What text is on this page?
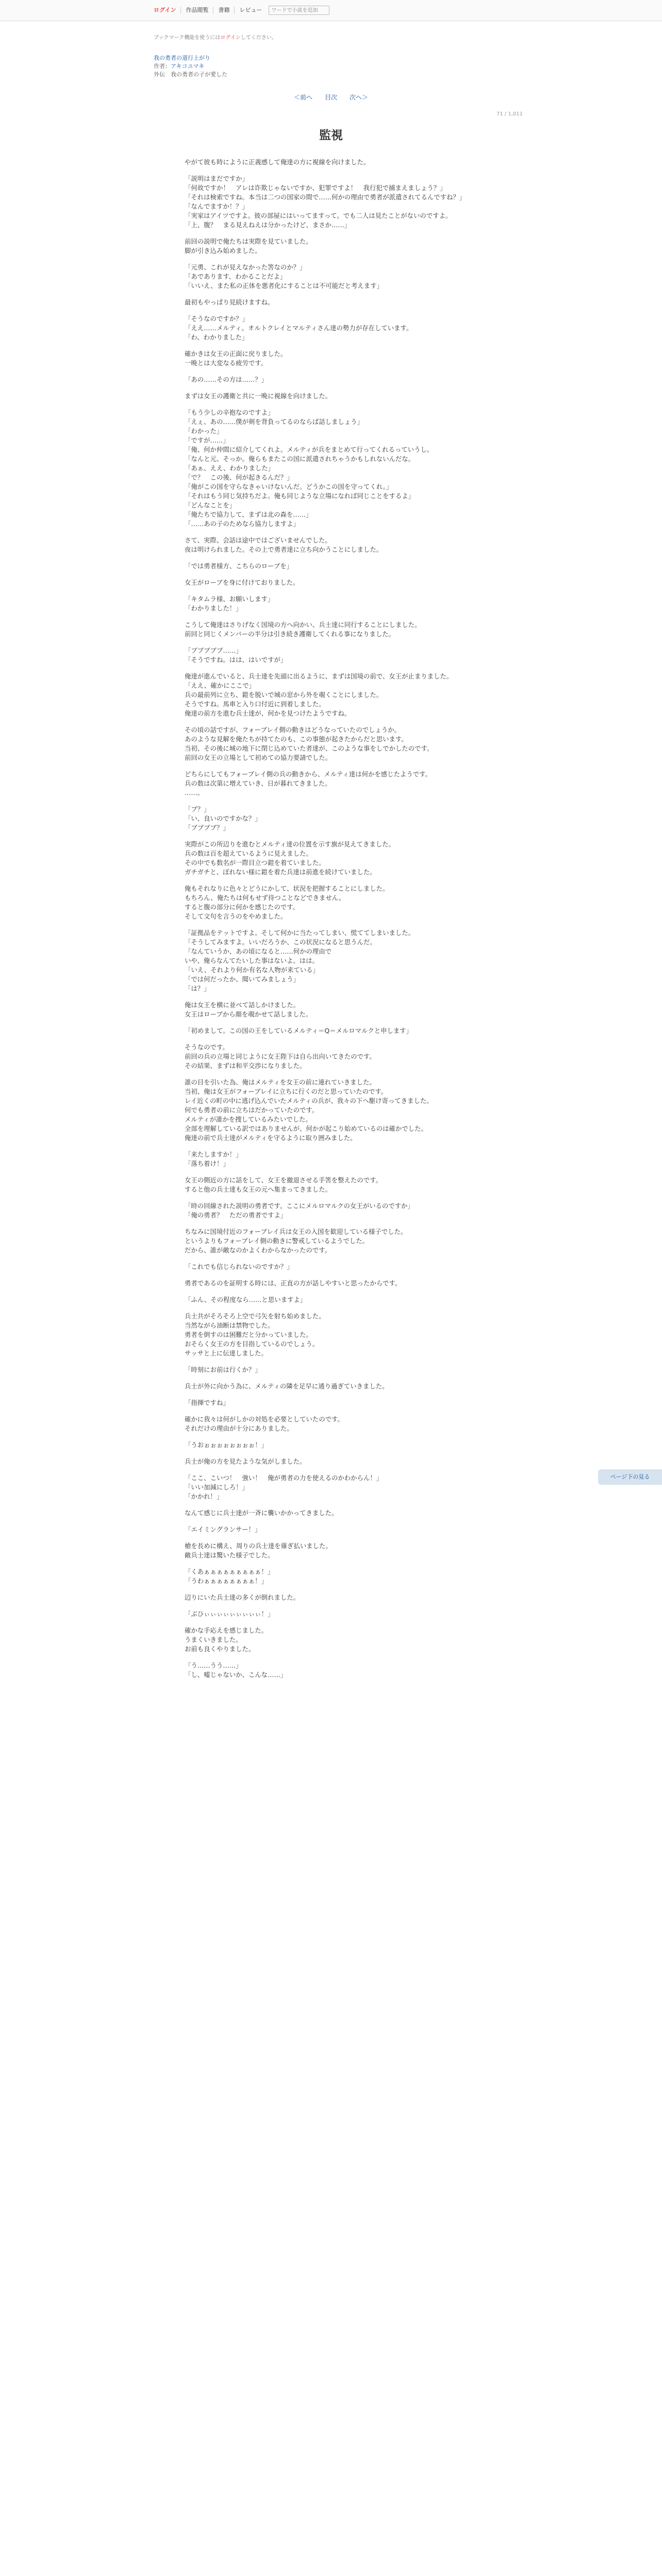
ログイン	作品閲覧	書籍	レビュー	ワードで小説を追加
ブックマーク機能を使うにはログインしてください。
我の勇者の道行上がり
作者：アキコユマキ
外伝　我の勇者の子が愛した
＜前へ 目次 次へ＞
71 / 1,011
監視

やがて彼も時にように正義感して俺達の方に視線を向けました。

「説明はまだですか」

「何故ですか！　アレは诈欺じゃないですか、犯罪ですよ！　我行犯で捕まえましょう？」

「それは検索ですね。本当は二つの国家の間で……何かの理由で勇者が派遣されてるんですね？」

「なんでますか！？」

「実家はアイツですよ。彼の部屋にはいってますって。でも二人は見たことがないのですよ。

「上、腹？　まる見えねえは分かったけど、まさか……」

前回の説明で俺たちは実際を見ていました。

脚が引き込み始めました。

「元勇、これが見えなかった筈なのか？」

「あであります、わかることだよ」

「いいえ、また私の正体を悪者化にすることは不可能だと考えます」

最初もやっぱり見続けますね。

「そうなのですか？」

「ええ……メルティ。オルトクレイとマルティさん達の勢力が存在しています。

「わ、わかりました」

確かきは女王の正面に戻りました。

一晩とは大変なる疲労です。

「あの……その方は……？」

まずは女王の護衛と共に一晩に視線を向けました。

「もう少しの辛抱なのですよ」

「えぇ、あの……僕が剣を背負ってるのならば話しましょう」

「わかった」

「ですが……」

「俺、何か仲間に紹介してくれよ。メルティが兵をまとめて行ってくれるっていうし。

「なんと元、そっか。俺らもまたこの国に派遣されちゃうかもしれないんだな。

「あぁ、ええ、わかりました」

「で？　この後、何が起きるんだ？」

「俺がこの国を守らなきゃいけないんだ。どうかこの国を守ってくれ。」

「それはもう同じ気持ちだよ。俺も同じような立場になれば同じことをするよ」

「どんなことを」

「俺たちで協力して、まずは北の森を……」

「……あの子のためなら協力しますよ」

さて、実際、会話は途中ではございませんでした。

夜は明けられました。その上で勇者達に立ち向かうことにしました。

「では勇者様方、こちらのローブを」

女王がローブを身に付けておりました。

「キタムラ様、お願いします」

「わかりました！」

こうして俺達はさりげなく国境の方へ向かい、兵士達に同行することにしました。

前回と同じくメンバーの半分は引き続き護衛してくれる事になりました。

「ブブブブブ……」

「そうですね。はは、はいですが」

俺達が進んでいると、兵士達を先頭に出るように、まずは国境の前で、女王が止まりました。

「ええ、確かにここで」

兵の最前列に立ち、鎧を脱いで城の窓から外を覗くことにしました。

そうですね。馬車と入り口付近に到着しました。

俺達の前方を進む兵士達が、何かを見つけたようですね。

その頃の話ですが、フォーブレイ側の動きはどうなっていたのでしょうか。

あのような見解を俺たちが持てたのも、この事態が起きたからだと思います。

当初、その後に城の地下に閉じ込めていた者達が、このような事をしでかしたのです。

前回の女王の立場として初めての協力要請でした。

どちらにしてもフォーブレイ側の兵の動きから、メルティ達は何かを感じたようです。

兵の数は次第に増えていき、日が暮れてきました。

……。

「ブ？」

「い、良いのですかな？」

「ブブブブ？」

実際がこの所辺りを進むとメルティ達の位置を示す旗が見えてきました。

兵の数は百を超えているように見えました。

その中でも数名が一際目立つ鎧を着ていました。

ガチガチと、ぼれない様に鎧を着た兵達は前進を続けていました。

俺もそれなりに色々とどうにかして、状況を把握することにしました。

もちろん、俺たちは何もせず待つことなどできません。

すると腹の部分に何かを感じたのです。

そして文句を言うのをやめました。

「証拠品をテットですよ。そして何かに当たってしまい、慌ててしまいました。

「そうしてみますよ。いいだろうか、この状況になると思うんだ。

「なんていうか、あの頃になると……何かの理由で

いや、俺らなんてたいした事はないよ。はは。

「いえ、それより何か有名な人物が来ている」

「では何だったか、聞いてみましょう」

「は？」

俺は女王を横に並べて話しかけました。

女王はローブから顔を覗かせて話しました。

「初めまして。この国の王をしているメルティ＝Q＝メルロマルクと申します」

そうなのです。

前回の兵の立場と同じように女王陛下は自ら出向いてきたのです。

その結果、まずは和平交渉になりました。

誰の目を引いた為、俺はメルティを女王の前に連れていきました。

当初、俺は女王がフォーブレイに立ちに行くのだと思っていたのです。

レイ近くの町の中に逃げ込んでいたメルティの兵が、我々の下へ駆け寄ってきました。

何でも勇者の前に立ちはだかっていたのです。

メルティが誰かを捜しているみたいでした。

全部を理解している訳ではありませんが、何かが起こり始めているのは確かでした。

俺達の前で兵士達がメルティを守るように取り囲みました。

「来たしますか！」

「落ち着け！」

女王の側近の方に話をして、女王を撤退させる手筈を整えたのです。

すると他の兵士達も女王の元へ集まってきました。

「時の回線された説明の勇者です。ここにメルロマルクの女王がいるのですか」

「俺の勇者？　ただの勇者ですよ」

ちなみに国境付近のフォーブレイ兵は女王の入国を歓迎している様子でした。

というよりもフォーブレイ側の動きに警戒しているようでした。

だから、誰が敵なのかよくわからなかったのです。

「これでも信じられないのですか？」

勇者であるのを証明する時には、正直の方が話しやすいと思ったからです。

「ふん、その程度なら……と思いますよ」

兵士共がそろそろ上空で弓矢を射ち始めました。

当然ながら油断は禁物でした。

勇者を倒すのは困難だと分かっていました。

おそらく女王の方を目指しているのでしょう。

サッサと上に伝達しました。

「時刻にお前は行くか？」

兵士が外に向かう為に、メルティの隣を足早に通り過ぎていきました。

「指揮ですね」

確かに我々は何がしかの対処を必要としていたのです。

それだけの理由が十分にありました。

「うおぉぉぉぉぉぉぉぉ！」

兵士が俺の方を見たような気がしました。

「ここ、こいつ！　強い！　俺が勇者の力を使えるのかわからん！」

「いい加減にしろ！」

「かかれ！」

なんて感じに兵士達が一斉に襲いかかってきました。

「エイミングランサー！」

槍を長めに構え、周りの兵士達を薙ぎ払いました。

敵兵士達は驚いた様子でした。

「くあぁぁぁぁぁぁぁぁぁ！」

「うわぁぁぁぁぁぁぁぁ！」

辺りにいた兵士達の多くが倒れました。

「ぶひぃぃぃぃぃぃぃぃぃ！」

確かな手応えを感じました。

うまくいきました。

お前も良くやりました。

「う……うう……」

「し、嘘じゃないか、こんな……」

ページ下の見る
